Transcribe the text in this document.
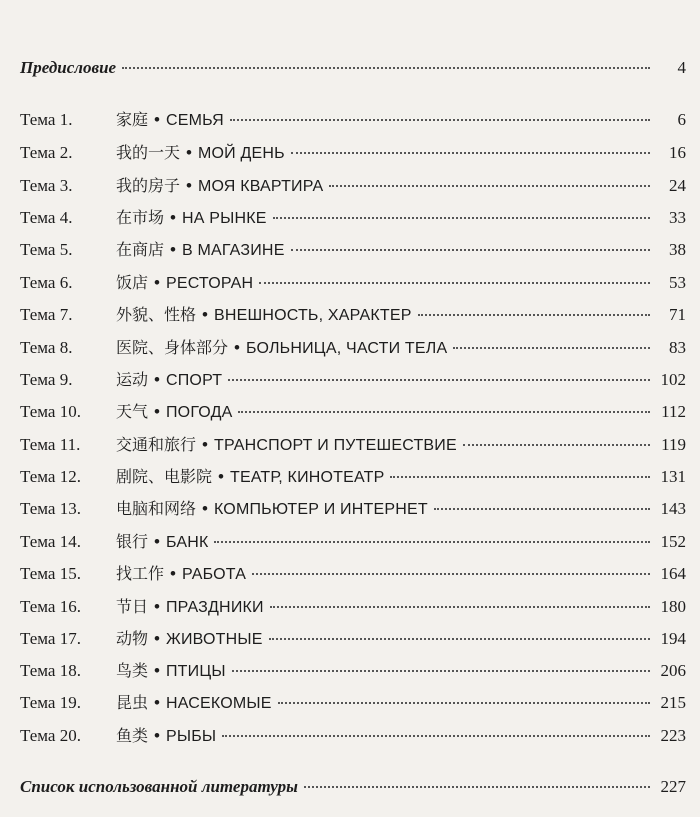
Предисловие	4
Тема 1.	家庭 • СЕМЬЯ	6
Тема 2.	我的一天 • МОЙ ДЕНЬ	16
Тема 3.	我的房子 • МОЯ КВАРТИРА	24
Тема 4.	在市场 • НА РЫНКЕ	33
Тема 5.	在商店 • В МАГАЗИНЕ	38
Тема 6.	饭店 • РЕСТОРАН	53
Тема 7.	外貌、性格 • ВНЕШНОСТЬ, ХАРАКТЕР	71
Тема 8.	医院、身体部分 • БОЛЬНИЦА, ЧАСТИ ТЕЛА	83
Тема 9.	运动 • СПОРТ	102
Тема 10.	天气 • ПОГОДА	112
Тема 11.	交通和旅行 • ТРАНСПОРТ И ПУТЕШЕСТВИЕ	119
Тема 12.	剧院、电影院 • ТЕАТР, КИНОТЕАТР	131
Тема 13.	电脑和网络 • КОМПЬЮТЕР И ИНТЕРНЕТ	143
Тема 14.	银行 • БАНК	152
Тема 15.	找工作 • РАБОТА	164
Тема 16.	节日 • ПРАЗДНИКИ	180
Тема 17.	动物 • ЖИВОТНЫЕ	194
Тема 18.	鸟类 • ПТИЦЫ	206
Тема 19.	昆虫 • НАСЕКОМЫЕ	215
Тема 20.	鱼类 • РЫБЫ	223
Список использованной литературы	227
